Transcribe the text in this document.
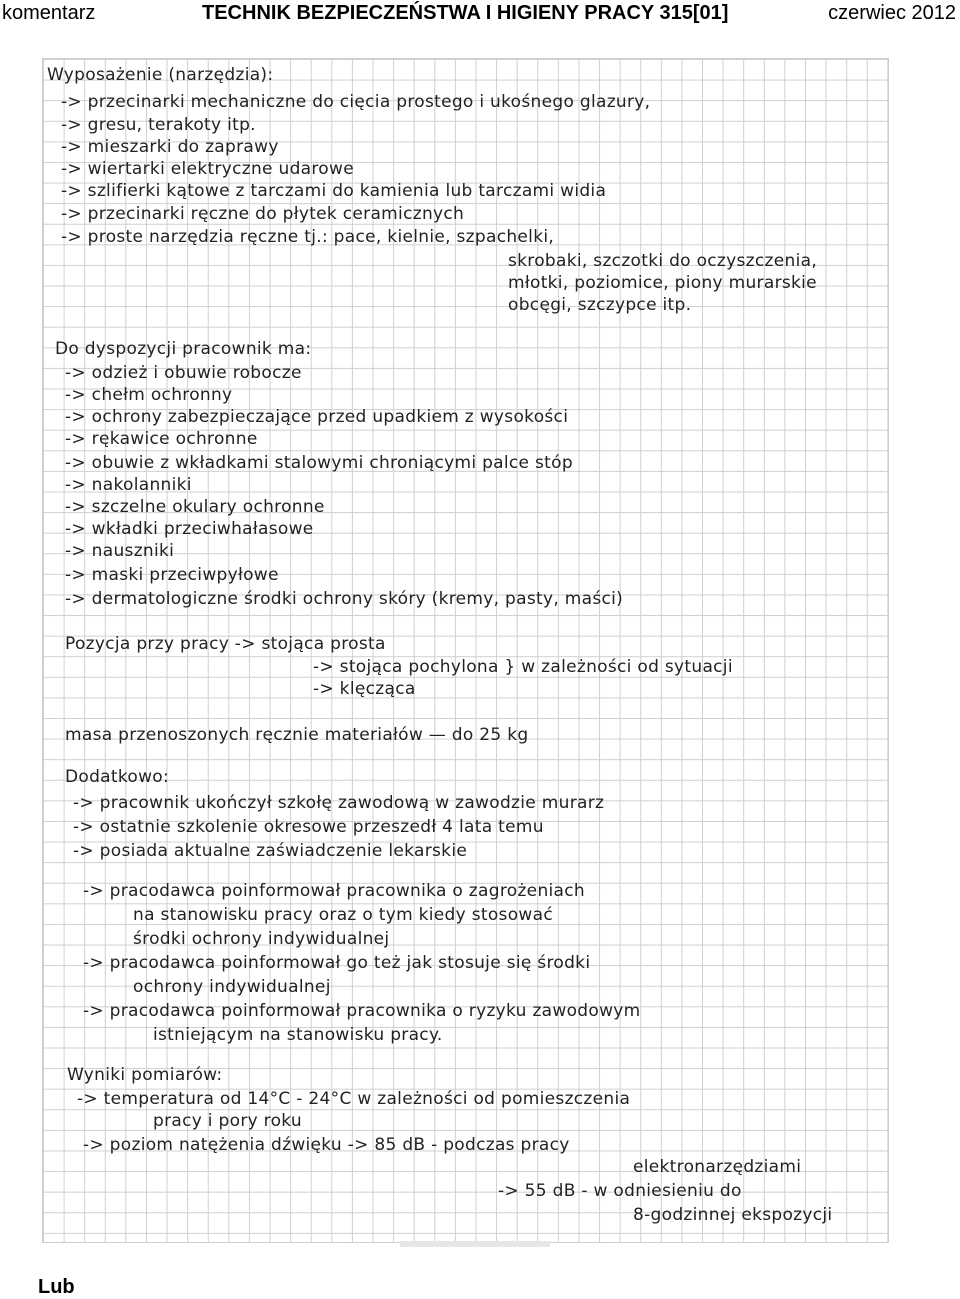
komentarz	TECHNIK BEZPIECZEŃSTWA I HIGIENY PRACY 315[01]	czerwiec 2012
Wyposażenie (narzędzia):
-> przecinarki mechaniczne do cięcia prostego i ukośnego glazury,
-> gresu, terakoty itp.
-> mieszarki do zaprawy
-> wiertarki elektryczne udarowe
-> szlifierki kątowe z tarczami do kamienia lub tarczami widia
-> przecinarki ręczne do płytek ceramicznych
-> proste narzędzia ręczne tj.: pace, kielnie, szpachelki,
skrobaki, szczotki do oczyszczenia,
młotki, poziomice, piony murarskie
obcęgi, szczypce itp.
Do dyspozycji pracownik ma:
-> odzież i obuwie robocze
-> chełm ochronny
-> ochrony zabezpieczające przed upadkiem z wysokości
-> rękawice ochronne
-> obuwie z wkładkami stalowymi chroniącymi palce stóp
-> nakolanniki
-> szczelne okulary ochronne
-> wkładki przeciwhałasowe
-> nauszniki
-> maski przeciwpyłowe
-> dermatologiczne środki ochrony skóry (kremy, pasty, maści)
Pozycja przy pracy -> stojąca prosta
-> stojąca pochylona } w zależności od sytuacji
-> klęcząca
masa przenoszonych ręcznie materiałów — do 25 kg
Dodatkowo:
-> pracownik ukończył szkołę zawodową w zawodzie murarz
-> ostatnie szkolenie okresowe przeszedł 4 lata temu
-> posiada aktualne zaświadczenie lekarskie
-> pracodawca poinformował pracownika o zagrożeniach
na stanowisku pracy oraz o tym kiedy stosować
środki ochrony indywidualnej
-> pracodawca poinformował go też jak stosuje się środki
ochrony indywidualnej
-> pracodawca poinformował pracownika o ryzyku zawodowym
istniejącym na stanowisku pracy.
Wyniki pomiarów:
-> temperatura od 14°C - 24°C w zależności od pomieszczenia
pracy i pory roku
-> poziom natężenia dźwięku -> 85 dB - podczas pracy
elektronarzędziami
-> 55 dB - w odniesieniu do
8-godzinnej ekspozycji
Lub
